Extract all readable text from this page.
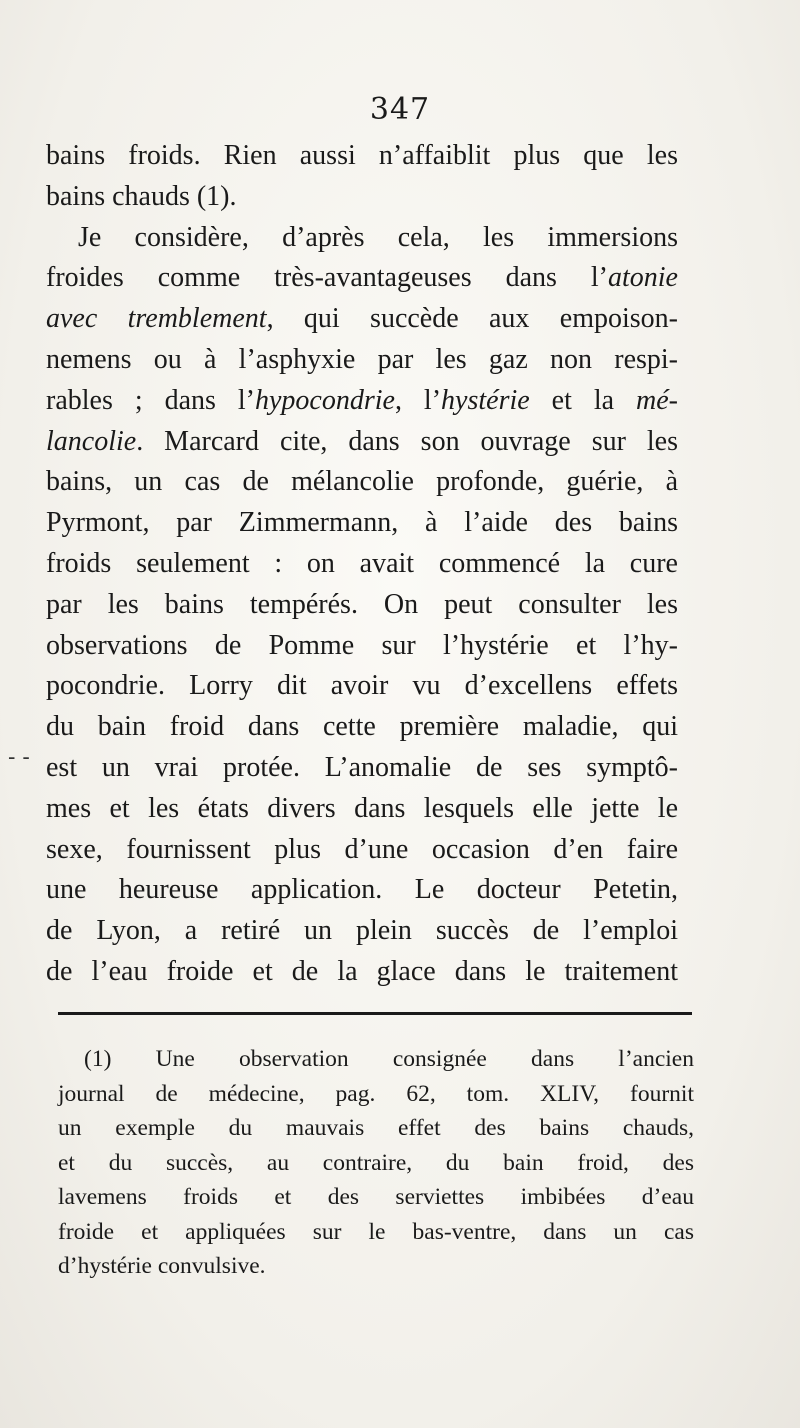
347
- -
bains froids. Rien aussi n’affaiblit plus que les
bains chauds (1).
Je considère, d’après cela, les immersions
froides comme très-avantageuses dans l’atonie
avec tremblement, qui succède aux empoison-
nemens ou à l’asphyxie par les gaz non respi-
rables ; dans l’hypocondrie, l’hystérie et la mé-
lancolie. Marcard cite, dans son ouvrage sur les
bains, un cas de mélancolie profonde, guérie, à
Pyrmont, par Zimmermann, à l’aide des bains
froids seulement : on avait commencé la cure
par les bains tempérés. On peut consulter les
observations de Pomme sur l’hystérie et l’hy-
pocondrie. Lorry dit avoir vu d’excellens effets
du bain froid dans cette première maladie, qui
est un vrai protée. L’anomalie de ses symptô-
mes et les états divers dans lesquels elle jette le
sexe, fournissent plus d’une occasion d’en faire
une heureuse application. Le docteur Petetin,
de Lyon, a retiré un plein succès de l’emploi
de l’eau froide et de la glace dans le traitement
(1) Une observation consignée dans l’ancien
journal de médecine, pag. 62, tom. XLIV, fournit
un exemple du mauvais effet des bains chauds,
et du succès, au contraire, du bain froid, des
lavemens froids et des serviettes imbibées d’eau
froide et appliquées sur le bas-ventre, dans un cas
d’hystérie convulsive.
